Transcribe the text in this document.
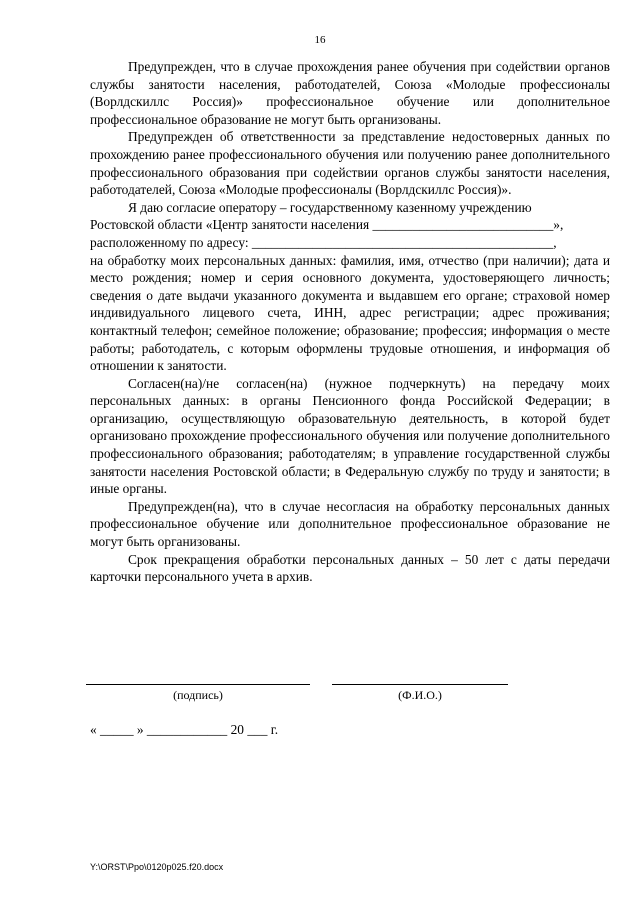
16

Предупрежден, что в случае прохождения ранее обучения при содействии органов службы занятости населения, работодателей, Союза «Молодые профессионалы (Ворлдскиллс Россия)» профессиональное обучение или дополнительное профессиональное образование не могут быть организованы.

Предупрежден об ответственности за представление недостоверных данных по прохождению ранее профессионального обучения или получению ранее дополнительного профессионального образования при содействии органов службы занятости населения, работодателей, Союза «Молодые профессионалы (Ворлдскиллс Россия)».

Я даю согласие оператору – государственному казенному учреждению

Ростовской области «Центр занятости населения ___________________________»,

расположенному по адресу: _____________________________________________,

на обработку моих персональных данных: фамилия, имя, отчество (при наличии); дата и место рождения; номер и серия основного документа, удостоверяющего личность; сведения о дате выдачи указанного документа и выдавшем его органе; страховой номер индивидуального лицевого счета, ИНН, адрес регистрации; адрес проживания; контактный телефон; семейное положение; образование; профессия; информация о месте работы; работодатель, с которым оформлены трудовые отношения, и информация об отношении к занятости.

Согласен(на)/не согласен(на) (нужное подчеркнуть) на передачу моих персональных данных: в органы Пенсионного фонда Российской Федерации; в организацию, осуществляющую образовательную деятельность, в которой будет организовано прохождение профессионального обучения или получение дополнительного профессионального образования; работодателям; в управление государственной службы занятости населения Ростовской области; в Федеральную службу по труду и занятости; в иные органы.

Предупрежден(на), что в случае несогласия на обработку персональных данных профессиональное обучение или дополнительное профессиональное образование не могут быть организованы.

Срок прекращения обработки персональных данных – 50 лет с даты передачи карточки персонального учета в архив.

(подпись)	(Ф.И.О.)
« _____ » ____________ 20 ___ г.
Y:\ORST\Ppo\0120p025.f20.docx
